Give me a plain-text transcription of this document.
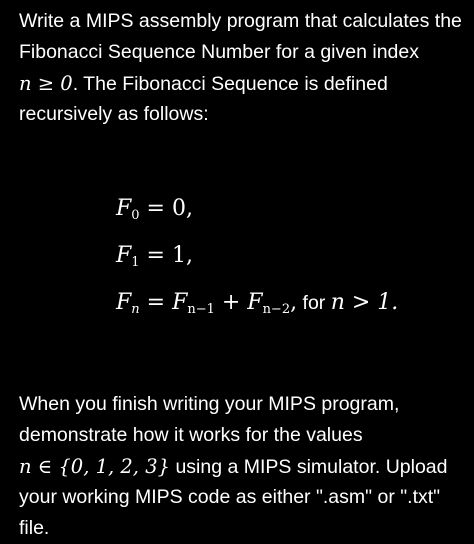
Write a MIPS assembly program that calculates the
Fibonacci Sequence Number for a given index
n ≥ 0. The Fibonacci Sequence is defined
recursively as follows:
$F_0 = 0$,
$F_1 = 1$,
$F_n = F_{n-1} + F_{n-2}$, for n > 1.
When you finish writing your MIPS program,
demonstrate how it works for the values
n ∈ {0, 1, 2, 3} using a MIPS simulator. Upload
your working MIPS code as either ".asm" or ".txt"
file.
